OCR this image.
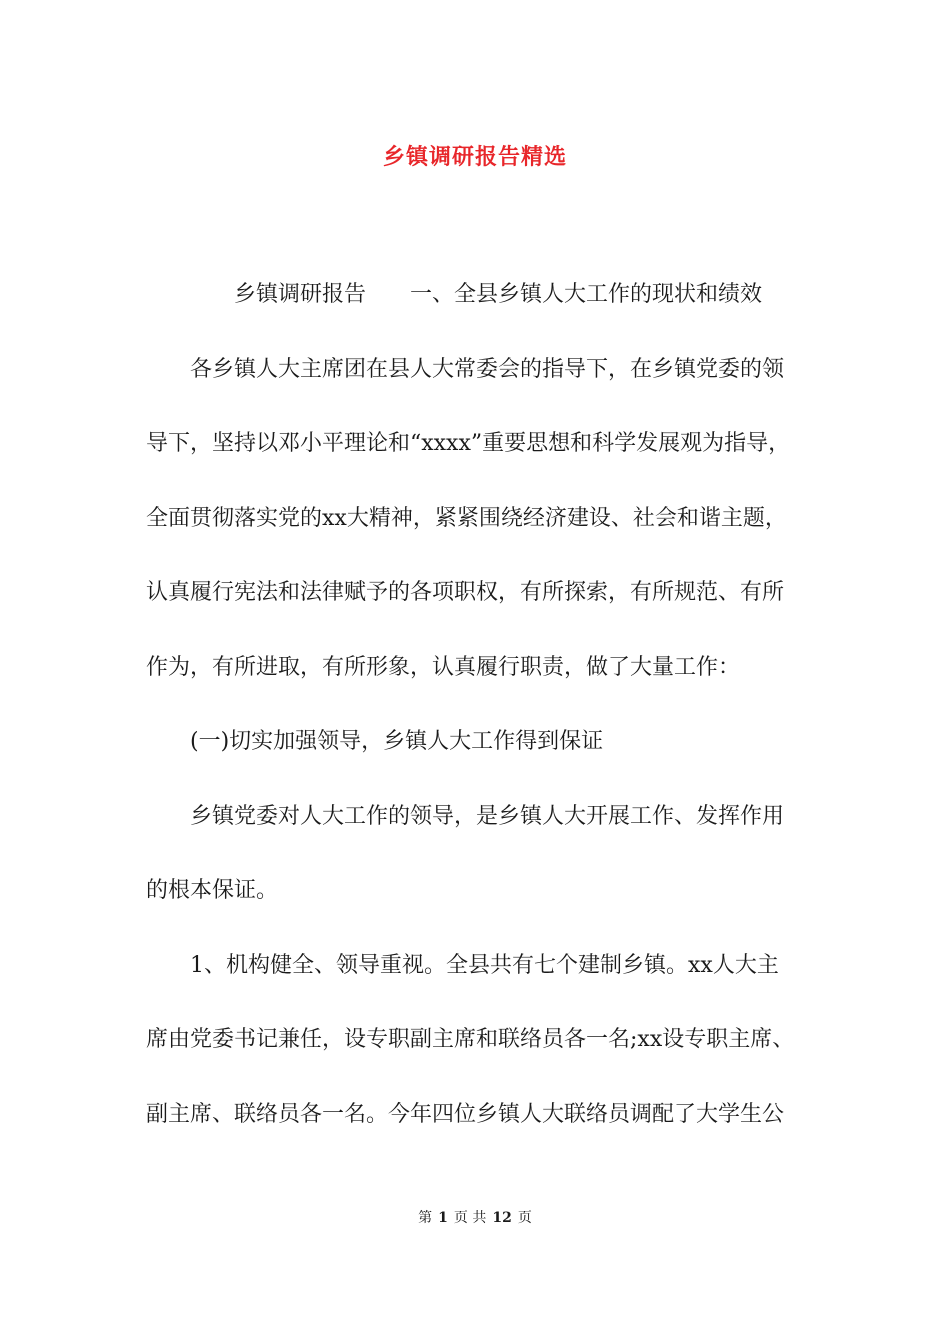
乡镇调研报告精选
乡镇调研报告　　一、全县乡镇人大工作的现状和绩效
各乡镇人大主席团在县人大常委会的指导下，在乡镇党委的领
导下，坚持以邓小平理论和“xxxx”重要思想和科学发展观为指导，
全面贯彻落实党的xx大精神，紧紧围绕经济建设、社会和谐主题，
认真履行宪法和法律赋予的各项职权，有所探索，有所规范、有所
作为，有所进取，有所形象，认真履行职责，做了大量工作：
(一)切实加强领导，乡镇人大工作得到保证
乡镇党委对人大工作的领导，是乡镇人大开展工作、发挥作用
的根本保证。
1、机构健全、领导重视。全县共有七个建制乡镇。xx人大主
席由党委书记兼任，设专职副主席和联络员各一名;xx设专职主席、
副主席、联络员各一名。今年四位乡镇人大联络员调配了大学生公
第 1 页 共 12 页
